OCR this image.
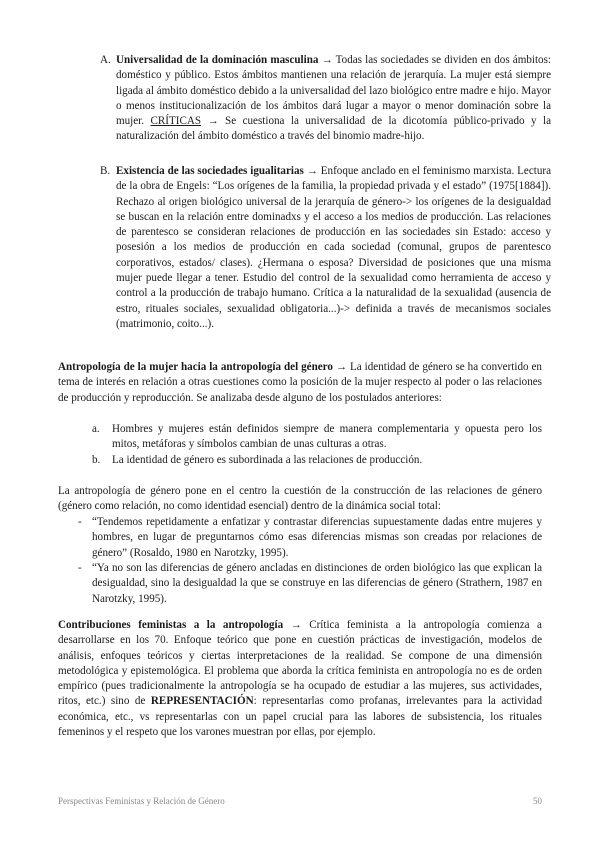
A. Universalidad de la dominación masculina → Todas las sociedades se dividen en dos ámbitos: doméstico y público. Estos ámbitos mantienen una relación de jerarquía. La mujer está siempre ligada al ámbito doméstico debido a la universalidad del lazo biológico entre madre e hijo. Mayor o menos institucionalización de los ámbitos dará lugar a mayor o menor dominación sobre la mujer. CRÍTICAS → Se cuestiona la universalidad de la dicotomía público-privado y la naturalización del ámbito doméstico a través del binomio madre-hijo.
B. Existencia de las sociedades igualitarias → Enfoque anclado en el feminismo marxista. Lectura de la obra de Engels: “Los orígenes de la familia, la propiedad privada y el estado” (1975[1884]). Rechazo al origen biológico universal de la jerarquía de género-> los orígenes de la desigualdad se buscan en la relación entre dominadxs y el acceso a los medios de producción. Las relaciones de parentesco se consideran relaciones de producción en las sociedades sin Estado: acceso y posesión a los medios de producción en cada sociedad (comunal, grupos de parentesco corporativos, estados/ clases). ¿Hermana o esposa? Diversidad de posiciones que una misma mujer puede llegar a tener. Estudio del control de la sexualidad como herramienta de acceso y control a la producción de trabajo humano. Crítica a la naturalidad de la sexualidad (ausencia de estro, rituales sociales, sexualidad obligatoria...)-> definida a través de mecanismos sociales (matrimonio, coito...).
Antropología de la mujer hacia la antropología del género → La identidad de género se ha convertido en tema de interés en relación a otras cuestiones como la posición de la mujer respecto al poder o las relaciones de producción y reproducción. Se analizaba desde alguno de los postulados anteriores:
a. Hombres y mujeres están definidos siempre de manera complementaria y opuesta pero los mitos, metáforas y símbolos cambian de unas culturas a otras.
b. La identidad de género es subordinada a las relaciones de producción.
La antropología de género pone en el centro la cuestión de la construcción de las relaciones de género (género como relación, no como identidad esencial) dentro de la dinámica social total:
- “Tendemos repetidamente a enfatizar y contrastar diferencias supuestamente dadas entre mujeres y hombres, en lugar de preguntarnos cómo esas diferencias mismas son creadas por relaciones de género” (Rosaldo, 1980 en Narotzky, 1995).
- “Ya no son las diferencias de género ancladas en distinciones de orden biológico las que explican la desigualdad, sino la desigualdad la que se construye en las diferencias de género (Strathern, 1987 en Narotzky, 1995).
Contribuciones feministas a la antropología → Crítica feminista a la antropología comienza a desarrollarse en los 70. Enfoque teórico que pone en cuestión prácticas de investigación, modelos de análisis, enfoques teóricos y ciertas interpretaciones de la realidad. Se compone de una dimensión metodológica y epistemológica. El problema que aborda la crítica feminista en antropología no es de orden empírico (pues tradicionalmente la antropología se ha ocupado de estudiar a las mujeres, sus actividades, ritos, etc.) sino de REPRESENTACIÓN: representarlas como profanas, irrelevantes para la actividad económica, etc., vs representarlas con un papel crucial para las labores de subsistencia, los rituales femeninos y el respeto que los varones muestran por ellas, por ejemplo.
Perspectivas Feministas y Relación de Género	50
